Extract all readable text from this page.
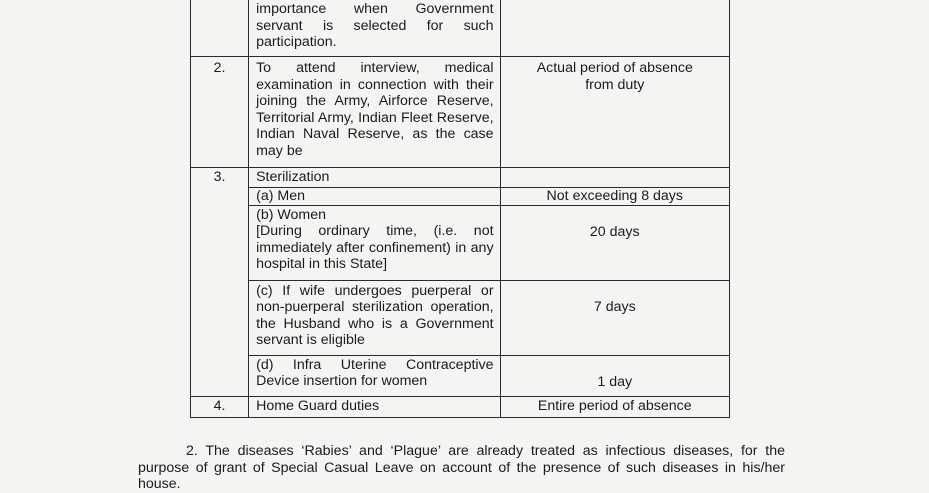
	importance when Government servant is selected for such participation.	

2.	To attend interview, medical examination in connection with their joining the Army, Airforce Reserve, Territorial Army, Indian Fleet Reserve, Indian Naval Reserve, as the case may be	Actual period of absence from duty

3.	Sterilization	

	(a) Men	Not exceeding 8 days

	(b) Women
[During ordinary time, (i.e. not immediately after confinement) in any hospital in this State]	20 days

	(c) If wife undergoes puerperal or non-puerperal sterilization operation, the Husband who is a Government servant is eligible	7 days

	(d) Infra Uterine Contraceptive Device insertion for women	1 day

4.	Home Guard duties	Entire period of absence

2. The diseases ‘Rabies’ and ‘Plague’ are already treated as infectious diseases, for the purpose of grant of Special Casual Leave on account of the presence of such diseases in his/her house.
